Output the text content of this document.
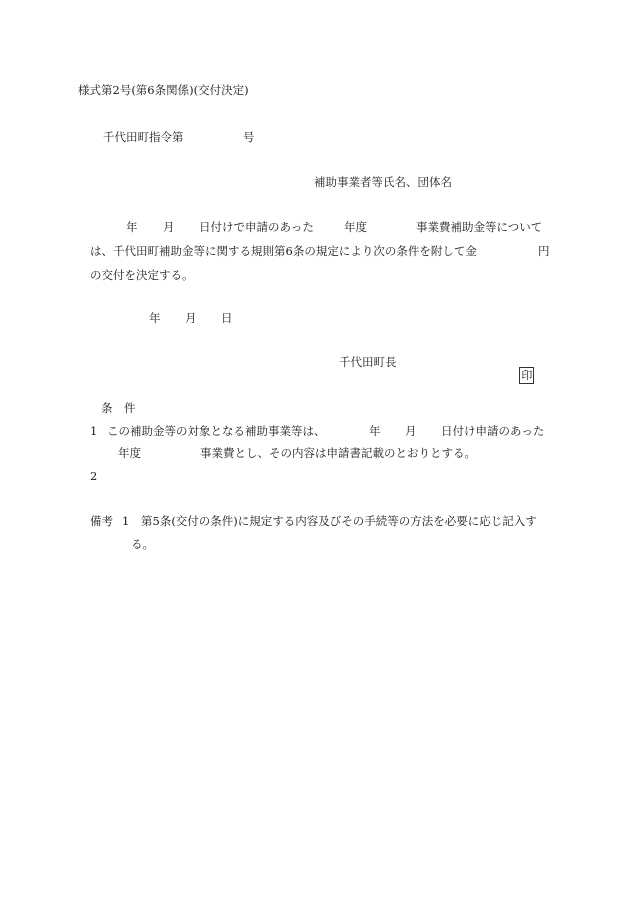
様式第2号(第6条関係)(交付決定)
千代田町指令第	号
補助事業者等氏名、団体名
年 月 日付けで申請のあった	年度	事業費補助金等について
は、千代田町補助金等に関する規則第6条の規定により次の条件を附して金	円
の交付を決定する。
年 月 日
千代田町長

印

条　件
1 この補助金等の対象となる補助事業等は、	年 月 日付け申請のあった
年度	事業費とし、その内容は申請書記載のとおりとする。
2
備考 1 第5条(交付の条件)に規定する内容及びその手続等の方法を必要に応じ記入す
る。
